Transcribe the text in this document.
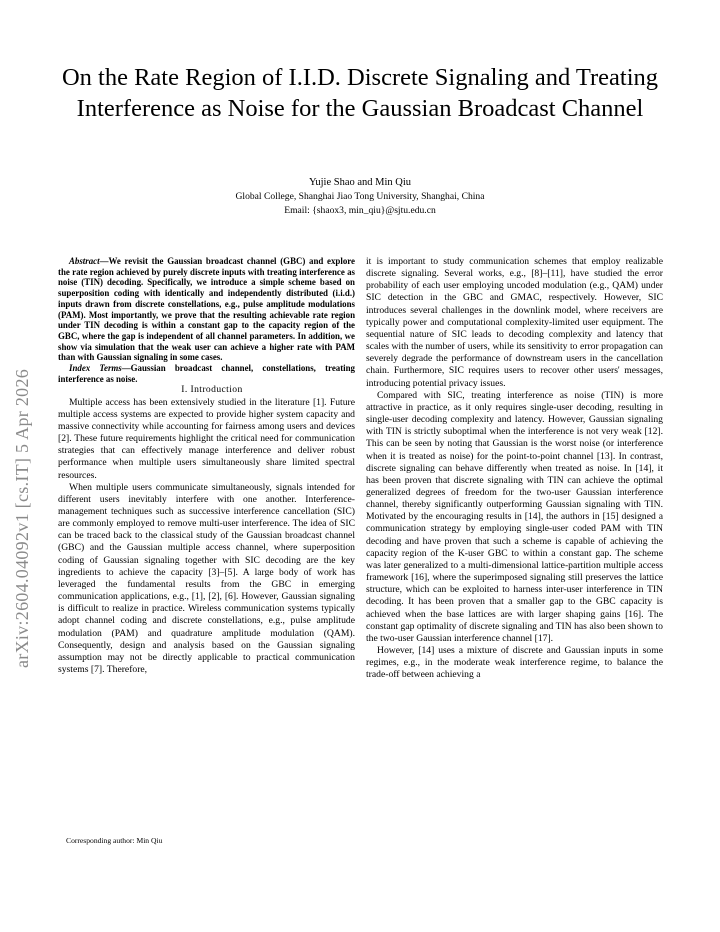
On the Rate Region of I.I.D. Discrete Signaling and Treating Interference as Noise for the Gaussian Broadcast Channel

Yujie Shao and Min Qiu

Global College, Shanghai Jiao Tong University, Shanghai, China

Email: {shaox3, min_qiu}@sjtu.edu.cn

arXiv:2604.04092v1 [cs.IT] 5 Apr 2026

Abstract—We revisit the Gaussian broadcast channel (GBC) and explore the rate region achieved by purely discrete inputs with treating interference as noise (TIN) decoding. Specifically, we introduce a simple scheme based on superposition coding with identically and independently distributed (i.i.d.) inputs drawn from discrete constellations, e.g., pulse amplitude modulations (PAM). Most importantly, we prove that the resulting achievable rate region under TIN decoding is within a constant gap to the capacity region of the GBC, where the gap is independent of all channel parameters. In addition, we show via simulation that the weak user can achieve a higher rate with PAM than with Gaussian signaling in some cases.

Index Terms—Gaussian broadcast channel, constellations, treating interference as noise.

I. Introduction

Multiple access has been extensively studied in the literature [1]. Future multiple access systems are expected to provide higher system capacity and massive connectivity while accounting for fairness among users and devices [2]. These future requirements highlight the critical need for communication strategies that can effectively manage interference and deliver robust performance when multiple users simultaneously share limited spectral resources.

When multiple users communicate simultaneously, signals intended for different users inevitably interfere with one another. Interference-management techniques such as successive interference cancellation (SIC) are commonly employed to remove multi-user interference. The idea of SIC can be traced back to the classical study of the Gaussian broadcast channel (GBC) and the Gaussian multiple access channel, where superposition coding of Gaussian signaling together with SIC decoding are the key ingredients to achieve the capacity [3]–[5]. A large body of work has leveraged the fundamental results from the GBC in emerging communication applications, e.g., [1], [2], [6]. However, Gaussian signaling is difficult to realize in practice. Wireless communication systems typically adopt channel coding and discrete constellations, e.g., pulse amplitude modulation (PAM) and quadrature amplitude modulation (QAM). Consequently, design and analysis based on the Gaussian signaling assumption may not be directly applicable to practical communication systems [7]. Therefore,

it is important to study communication schemes that employ realizable discrete signaling. Several works, e.g., [8]–[11], have studied the error probability of each user employing uncoded modulation (e.g., QAM) under SIC detection in the GBC and GMAC, respectively. However, SIC introduces several challenges in the downlink model, where receivers are typically power and computational complexity-limited user equipment. The sequential nature of SIC leads to decoding complexity and latency that scales with the number of users, while its sensitivity to error propagation can severely degrade the performance of downstream users in the cancellation chain. Furthermore, SIC requires users to recover other users' messages, introducing potential privacy issues.

Compared with SIC, treating interference as noise (TIN) is more attractive in practice, as it only requires single-user decoding, resulting in single-user decoding complexity and latency. However, Gaussian signaling with TIN is strictly suboptimal when the interference is not very weak [12]. This can be seen by noting that Gaussian is the worst noise (or interference when it is treated as noise) for the point-to-point channel [13]. In contrast, discrete signaling can behave differently when treated as noise. In [14], it has been proven that discrete signaling with TIN can achieve the optimal generalized degrees of freedom for the two-user Gaussian interference channel, thereby significantly outperforming Gaussian signaling with TIN. Motivated by the encouraging results in [14], the authors in [15] designed a communication strategy by employing single-user coded PAM with TIN decoding and have proven that such a scheme is capable of achieving the capacity region of the K-user GBC to within a constant gap. The scheme was later generalized to a multi-dimensional lattice-partition multiple access framework [16], where the superimposed signaling still preserves the lattice structure, which can be exploited to harness inter-user interference in TIN decoding. It has been proven that a smaller gap to the GBC capacity is achieved when the base lattices are with larger shaping gains [16]. The constant gap optimality of discrete signaling and TIN has also been shown to the two-user Gaussian interference channel [17].

However, [14] uses a mixture of discrete and Gaussian inputs in some regimes, e.g., in the moderate weak interference regime, to balance the trade-off between achieving a

Corresponding author: Min Qiu
